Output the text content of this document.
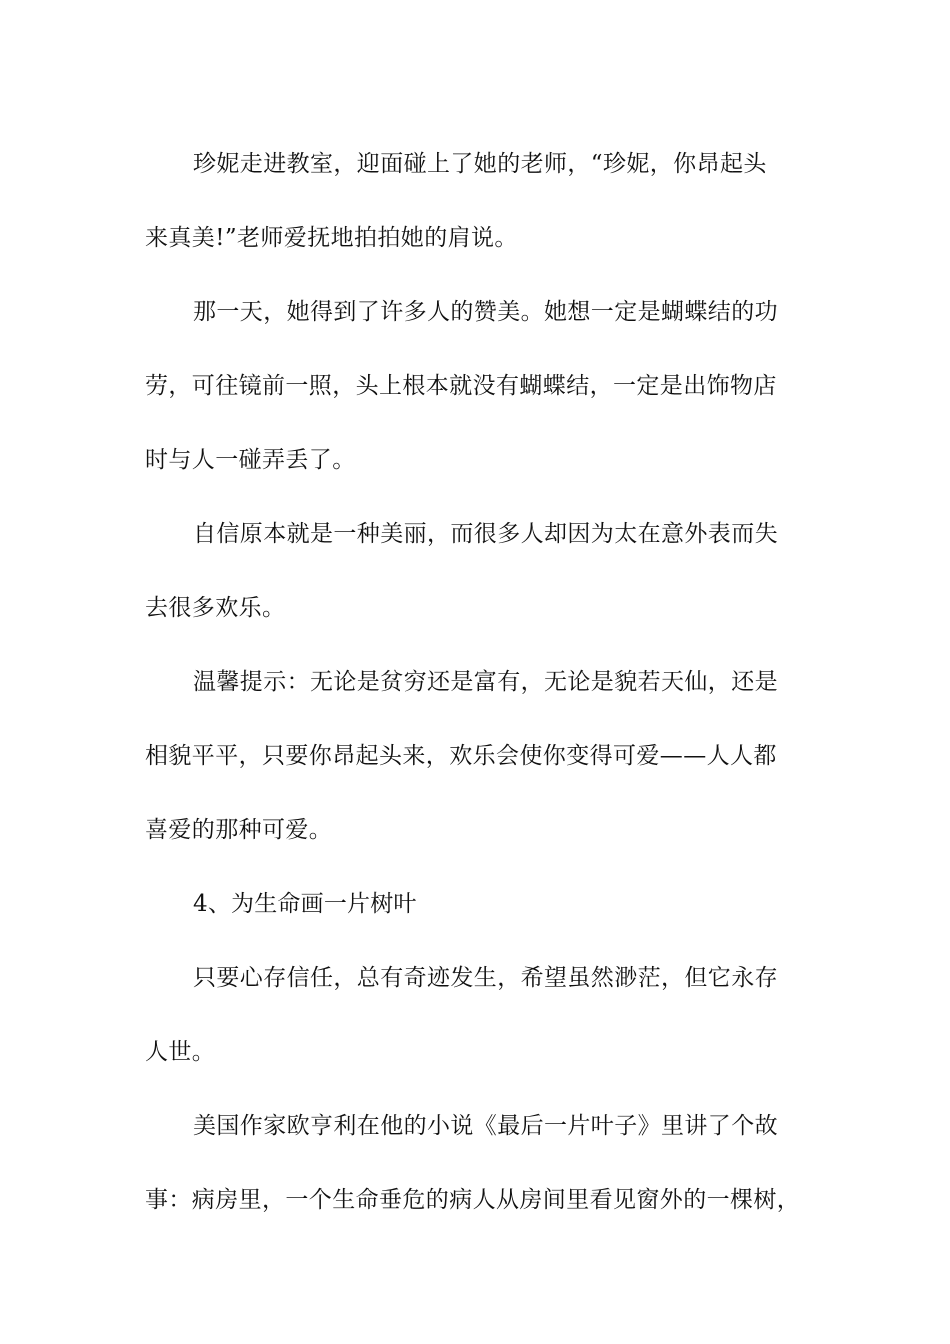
珍妮走进教室，迎面碰上了她的老师，“珍妮，你昂起头
来真美!”老师爱抚地拍拍她的肩说。

那一天，她得到了许多人的赞美。她想一定是蝴蝶结的功
劳，可往镜前一照，头上根本就没有蝴蝶结，一定是出饰物店
时与人一碰弄丢了。

自信原本就是一种美丽，而很多人却因为太在意外表而失
去很多欢乐。

温馨提示：无论是贫穷还是富有，无论是貌若天仙，还是
相貌平平，只要你昂起头来，欢乐会使你变得可爱——人人都
喜爱的那种可爱。

4、为生命画一片树叶

只要心存信任，总有奇迹发生，希望虽然渺茫，但它永存
人世。

美国作家欧亨利在他的小说《最后一片叶子》里讲了个故
事：病房里，一个生命垂危的病人从房间里看见窗外的一棵树，
